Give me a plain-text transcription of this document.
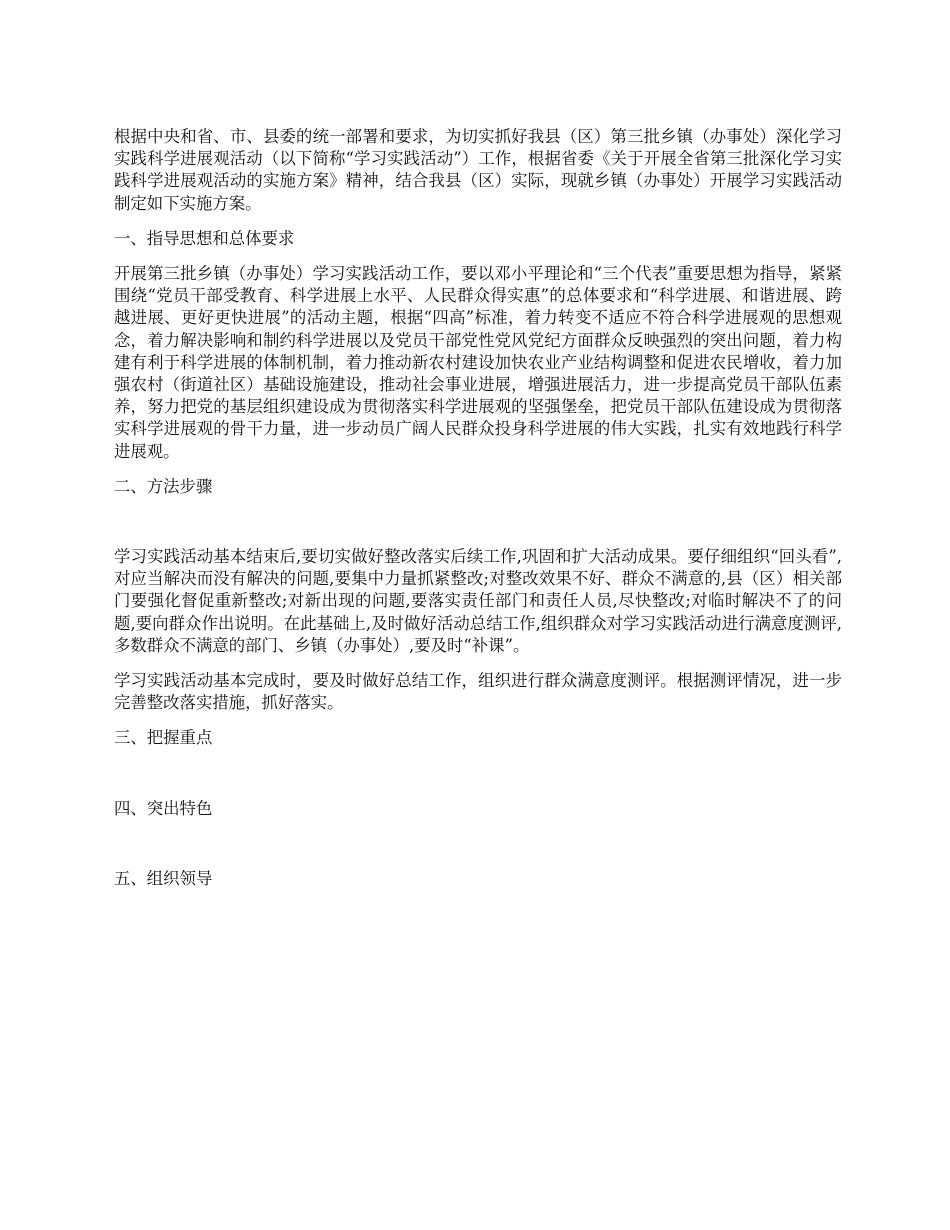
根据中央和省、市、县委的统一部署和要求，为切实抓好我县（区）第三批乡镇（办事处）深化学习实践科学进展观活动（以下简称“学习实践活动”）工作，根据省委《关于开展全省第三批深化学习实践科学进展观活动的实施方案》精神，结合我县（区）实际，现就乡镇（办事处）开展学习实践活动制定如下实施方案。

一、指导思想和总体要求

开展第三批乡镇（办事处）学习实践活动工作，要以邓小平理论和“三个代表”重要思想为指导，紧紧围绕“党员干部受教育、科学进展上水平、人民群众得实惠”的总体要求和“科学进展、和谐进展、跨越进展、更好更快进展”的活动主题，根据“四高”标准，着力转变不适应不符合科学进展观的思想观念，着力解决影响和制约科学进展以及党员干部党性党风党纪方面群众反映强烈的突出问题，着力构建有利于科学进展的体制机制，着力推动新农村建设加快农业产业结构调整和促进农民增收，着力加强农村（街道社区）基础设施建设，推动社会事业进展，增强进展活力，进一步提高党员干部队伍素养，努力把党的基层组织建设成为贯彻落实科学进展观的坚强堡垒，把党员干部队伍建设成为贯彻落实科学进展观的骨干力量，进一步动员广阔人民群众投身科学进展的伟大实践，扎实有效地践行科学进展观。

二、方法步骤

学习实践活动基本结束后,要切实做好整改落实后续工作,巩固和扩大活动成果。要仔细组织“回头看”,对应当解决而没有解决的问题,要集中力量抓紧整改;对整改效果不好、群众不满意的,县（区）相关部门要强化督促重新整改;对新出现的问题,要落实责任部门和责任人员,尽快整改;对临时解决不了的问题,要向群众作出说明。在此基础上,及时做好活动总结工作,组织群众对学习实践活动进行满意度测评,多数群众不满意的部门、乡镇（办事处）,要及时“补课”。

学习实践活动基本完成时，要及时做好总结工作，组织进行群众满意度测评。根据测评情况，进一步完善整改落实措施，抓好落实。

三、把握重点

四、突出特色

五、组织领导
